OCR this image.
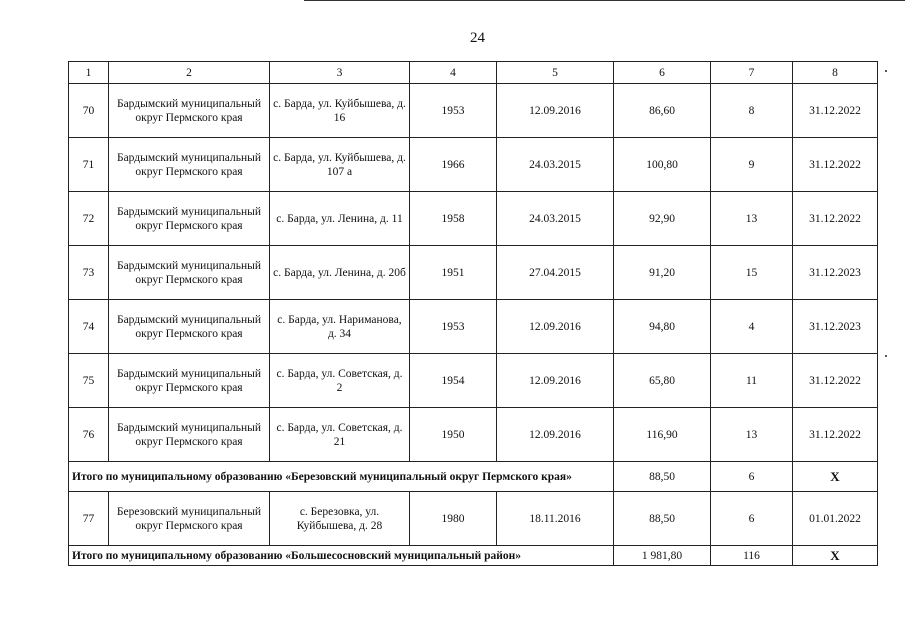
24
1	2	3	4	5	6	7	8
70	Бардымский муниципальный округ Пермского края	с. Барда, ул. Куйбышева, д. 16	1953	12.09.2016	86,60	8	31.12.2022
71	Бардымский муниципальный округ Пермского края	с. Барда, ул. Куйбышева, д. 107 а	1966	24.03.2015	100,80	9	31.12.2022
72	Бардымский муниципальный округ Пермского края	с. Барда, ул. Ленина, д. 11	1958	24.03.2015	92,90	13	31.12.2022
73	Бардымский муниципальный округ Пермского края	с. Барда, ул. Ленина, д. 20б	1951	27.04.2015	91,20	15	31.12.2023
74	Бардымский муниципальный округ Пермского края	с. Барда, ул. Нариманова, д. 34	1953	12.09.2016	94,80	4	31.12.2023
75	Бардымский муниципальный округ Пермского края	с. Барда, ул. Советская, д. 2	1954	12.09.2016	65,80	11	31.12.2022
76	Бардымский муниципальный округ Пермского края	с. Барда, ул. Советская, д. 21	1950	12.09.2016	116,90	13	31.12.2022
Итого по муниципальному образованию «Березовский муниципальный округ Пермского края»					88,50	6	X
77	Березовский муниципальный округ Пермского края	с. Березовка, ул. Куйбышева, д. 28	1980	18.11.2016	88,50	6	01.01.2022
Итого по муниципальному образованию «Большесосновский муниципальный район»					1 981,80	116	X
